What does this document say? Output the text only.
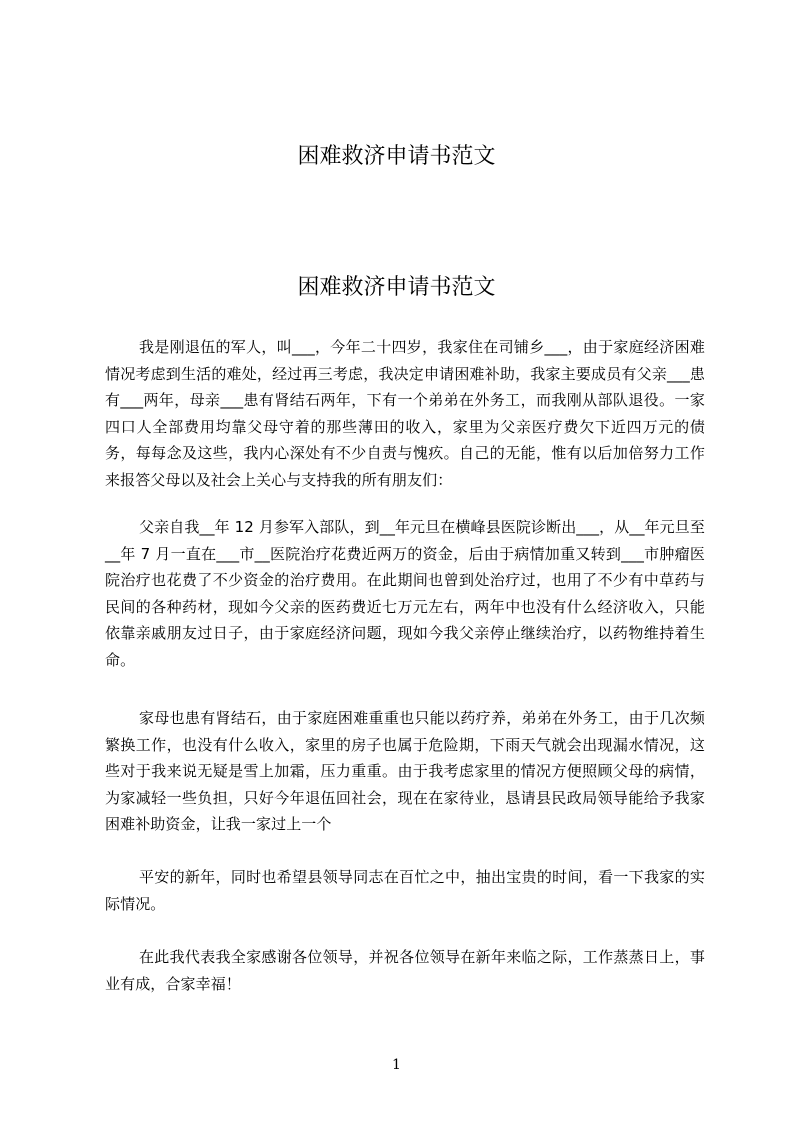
困难救济申请书范文
困难救济申请书范文

我是刚退伍的军人，叫___，今年二十四岁，我家住在司铺乡___，由于家庭经济困难情况考虑到生活的难处，经过再三考虑，我决定申请困难补助，我家主要成员有父亲___患有___两年，母亲___患有肾结石两年，下有一个弟弟在外务工，而我刚从部队退役。一家四口人全部费用均靠父母守着的那些薄田的收入，家里为父亲医疗费欠下近四万元的债务，每每念及这些，我内心深处有不少自责与愧疚。自己的无能，惟有以后加倍努力工作来报答父母以及社会上关心与支持我的所有朋友们：

父亲自我__年 12 月参军入部队，到__年元旦在横峰县医院诊断出___，从__年元旦至__年 7 月一直在___市__医院治疗花费近两万的资金，后由于病情加重又转到___市肿瘤医院治疗也花费了不少资金的治疗费用。在此期间也曾到处治疗过，也用了不少有中草药与民间的各种药材，现如今父亲的医药费近七万元左右，两年中也没有什么经济收入，只能依靠亲戚朋友过日子，由于家庭经济问题，现如今我父亲停止继续治疗，以药物维持着生命。

家母也患有肾结石，由于家庭困难重重也只能以药疗养，弟弟在外务工，由于几次频繁换工作，也没有什么收入，家里的房子也属于危险期，下雨天气就会出现漏水情况，这些对于我来说无疑是雪上加霜，压力重重。由于我考虑家里的情况方便照顾父母的病情，为家减轻一些负担，只好今年退伍回社会，现在在家待业，恳请县民政局领导能给予我家困难补助资金，让我一家过上一个

平安的新年，同时也希望县领导同志在百忙之中，抽出宝贵的时间，看一下我家的实际情况。

在此我代表我全家感谢各位领导，并祝各位领导在新年来临之际，工作蒸蒸日上，事业有成，合家幸福！

1
